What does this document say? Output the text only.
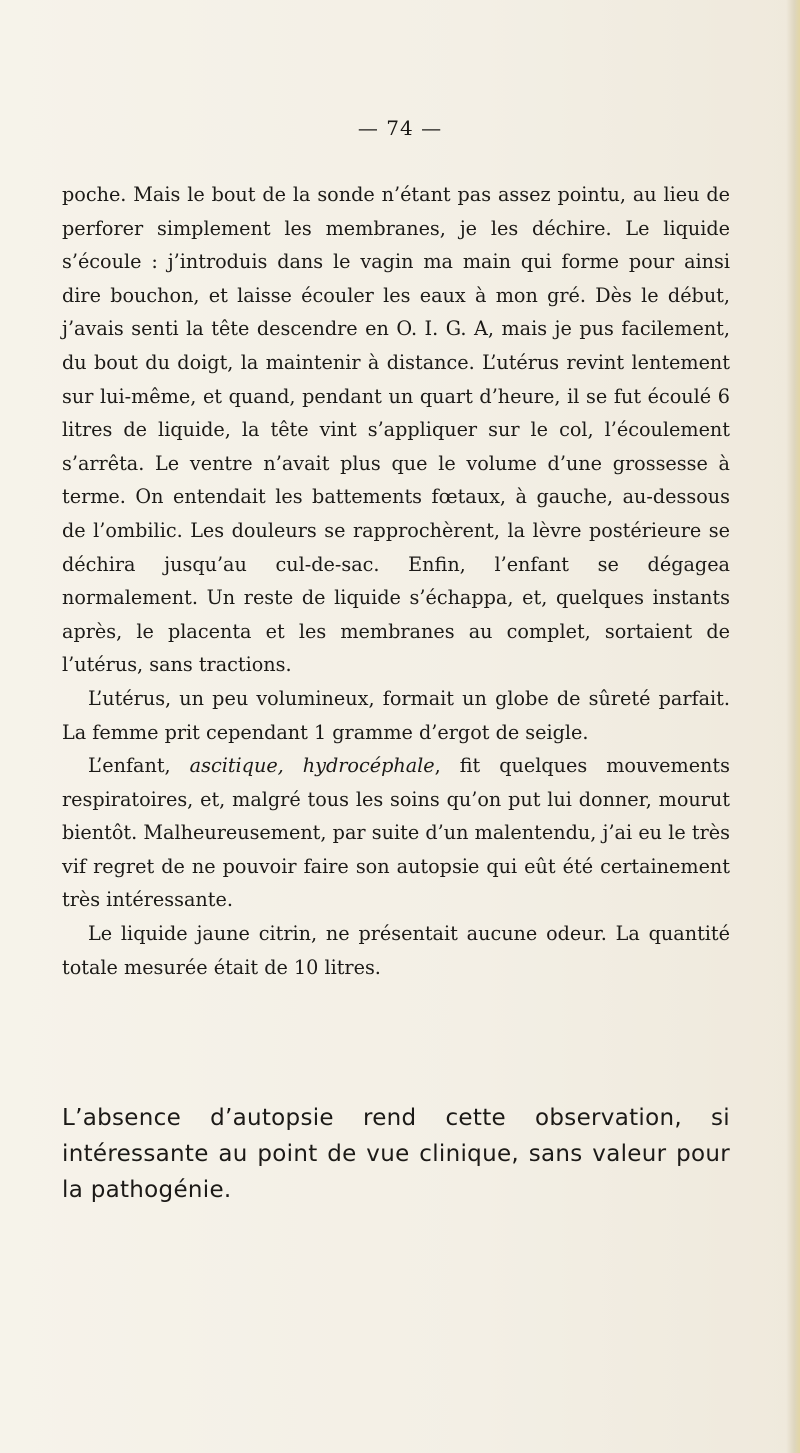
— 74 —

poche. Mais le bout de la sonde n’étant pas assez pointu, au lieu de perforer simplement les membranes, je les déchire. Le liquide s’écoule : j’introduis dans le vagin ma main qui forme pour ainsi dire bouchon, et laisse écouler les eaux à mon gré. Dès le début, j’avais senti la tête descendre en O. I. G. A, mais je pus facilement, du bout du doigt, la maintenir à distance. L’utérus revint lentement sur lui-même, et quand, pendant un quart d’heure, il se fut écoulé 6 litres de liquide, la tête vint s’appliquer sur le col, l’écoulement s’arrêta. Le ventre n’avait plus que le volume d’une grossesse à terme. On entendait les battements fœtaux, à gauche, au-dessous de l’ombilic. Les douleurs se rapprochèrent, la lèvre postérieure se déchira jusqu’au cul-de-sac. Enfin, l’enfant se dégagea normalement. Un reste de liquide s’échappa, et, quelques instants après, le placenta et les membranes au complet, sortaient de l’utérus, sans tractions.

L’utérus, un peu volumineux, formait un globe de sûreté parfait. La femme prit cependant 1 gramme d’ergot de seigle.

L’enfant, ascitique, hydrocéphale, fit quelques mouvements respiratoires, et, malgré tous les soins qu’on put lui donner, mourut bientôt. Malheureusement, par suite d’un malentendu, j’ai eu le très vif regret de ne pouvoir faire son autopsie qui eût été certainement très intéressante.

Le liquide jaune citrin, ne présentait aucune odeur. La quantité totale mesurée était de 10 litres.

L’absence d’autopsie rend cette observation, si intéressante au point de vue clinique, sans valeur pour la pathogénie.
